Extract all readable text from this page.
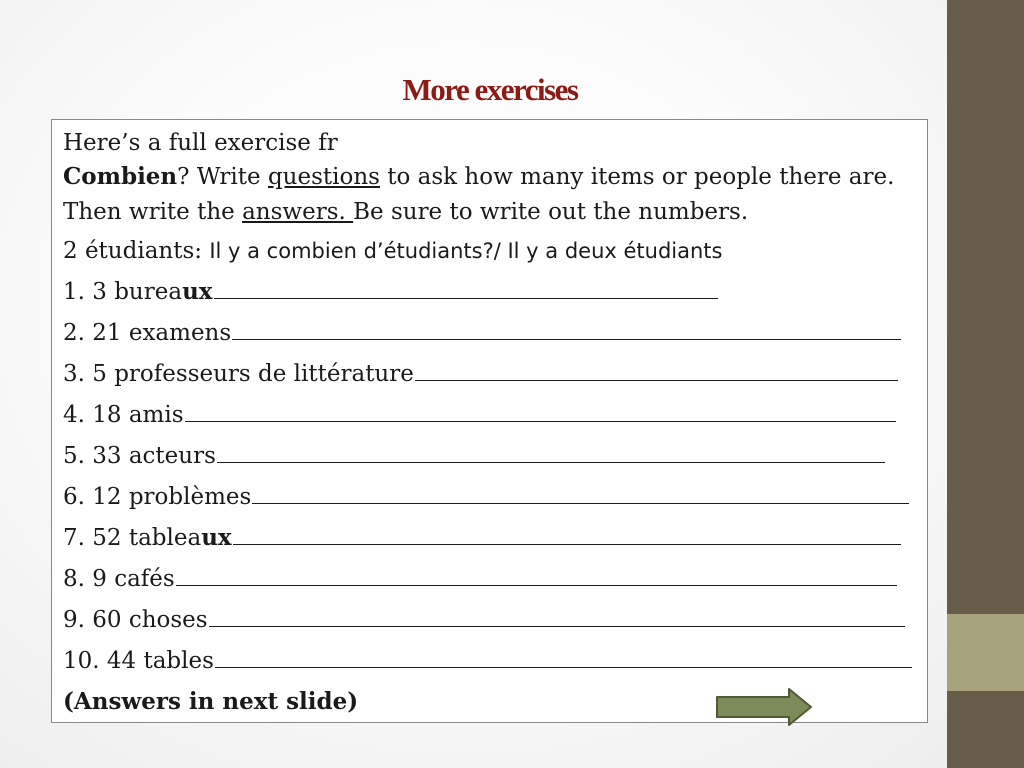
More exercises
Here’s a full exercise fr
Combien? Write questions to ask how many items or people there are.
Then write the answers. Be sure to write out the numbers.
2 étudiants: Il y a combien d’étudiants?/ Il y a deux étudiants
1. 3 bureaux
2. 21 examens
3. 5 professeurs de littérature
4. 18 amis
5. 33 acteurs
6. 12 problèmes
7. 52 tableaux
8. 9 cafés
9. 60 choses
10. 44 tables
(Answers in next slide)
